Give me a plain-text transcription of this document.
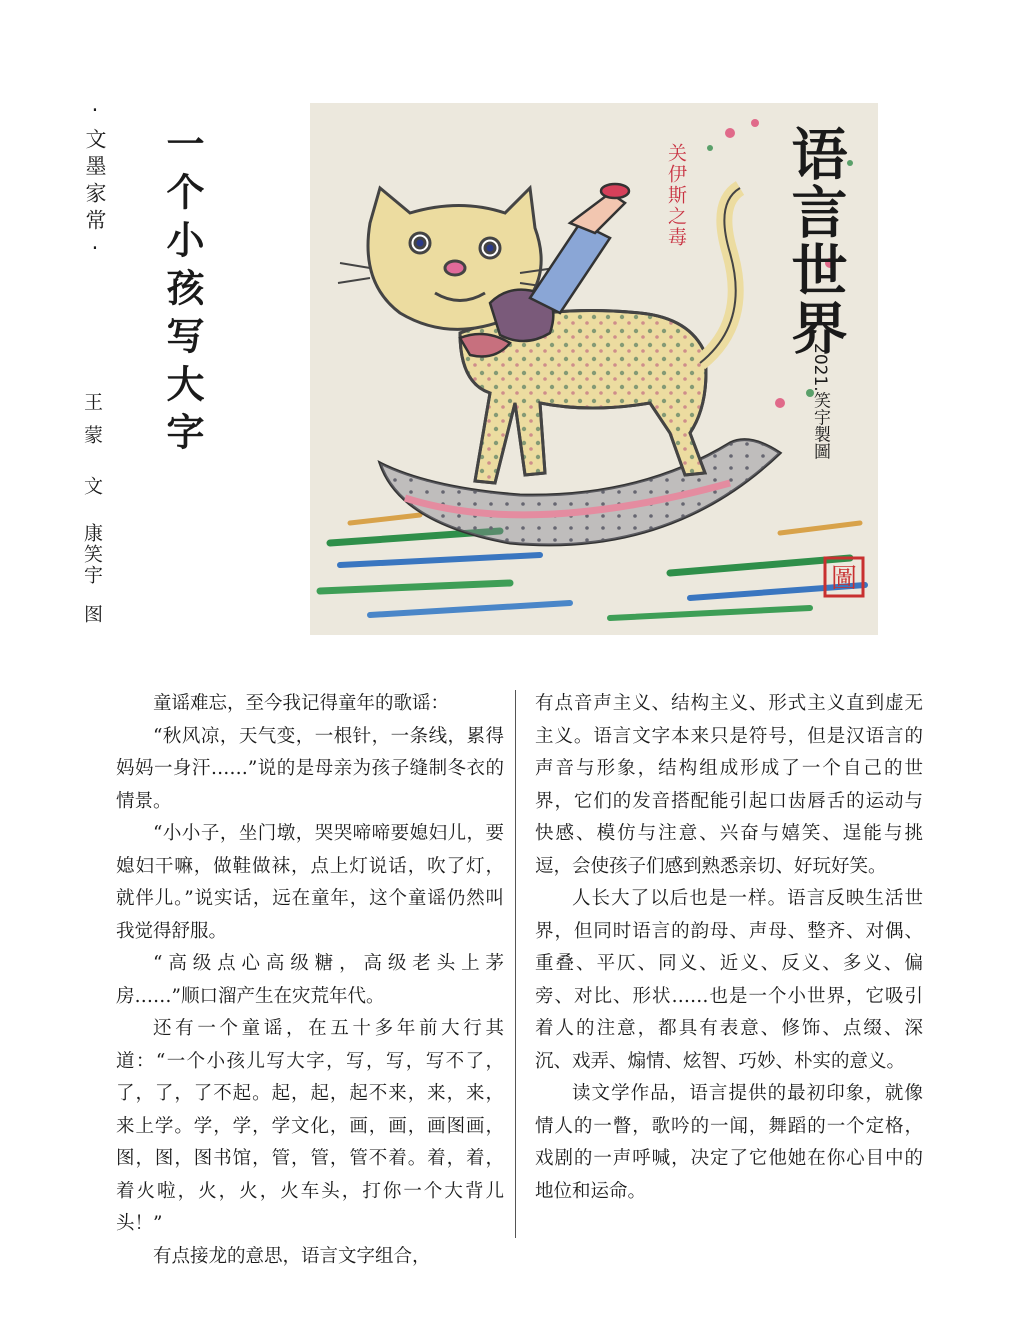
·文墨家常· 一个小孩写大字
王蒙文康笑宇图
关伊斯之毒 语言世界
2021.笑宇製圖
圖

童谣难忘，至今我记得童年的歌谣：

“秋风凉，天气变，一根针，一条线，累得妈妈一身汗……”说的是母亲为孩子缝制冬衣的情景。

“小小子，坐门墩，哭哭啼啼要媳妇儿，要媳妇干嘛，做鞋做袜，点上灯说话，吹了灯，就伴儿。”说实话，远在童年，这个童谣仍然叫我觉得舒服。

“高级点心高级糖，高级老头上茅房……”顺口溜产生在灾荒年代。

还有一个童谣，在五十多年前大行其道：“一个小孩儿写大字，写，写，写不了，了，了，了不起。起，起，起不来，来，来，来上学。学，学，学文化，画，画，画图画，图，图，图书馆，管，管，管不着。着，着，着火啦，火，火，火车头，打你一个大背儿头！”

有点接龙的意思，语言文字组合，

有点音声主义、结构主义、形式主义直到虚无主义。语言文字本来只是符号，但是汉语言的声音与形象，结构组成形成了一个自己的世界，它们的发音搭配能引起口齿唇舌的运动与快感、模仿与注意、兴奋与嬉笑、逞能与挑逗，会使孩子们感到熟悉亲切、好玩好笑。

人长大了以后也是一样。语言反映生活世界，但同时语言的韵母、声母、整齐、对偶、重叠、平仄、同义、近义、反义、多义、偏旁、对比、形状……也是一个小世界，它吸引着人的注意，都具有表意、修饰、点缀、深沉、戏弄、煽情、炫智、巧妙、朴实的意义。

读文学作品，语言提供的最初印象，就像情人的一瞥，歌吟的一闻，舞蹈的一个定格，戏剧的一声呼喊，决定了它他她在你心目中的地位和运命。
